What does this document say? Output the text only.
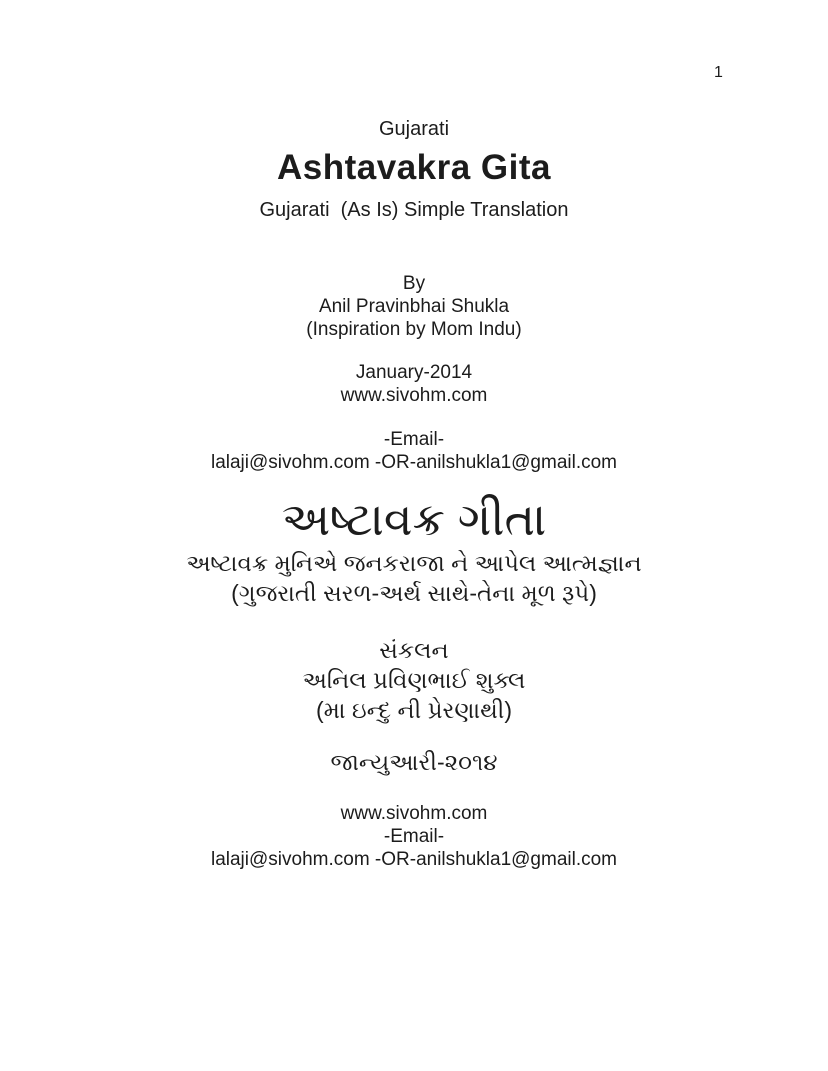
1
Gujarati
Ashtavakra Gita
Gujarati  (As Is) Simple Translation
By
Anil Pravinbhai Shukla
(Inspiration by Mom Indu)
January-2014
www.sivohm.com
-Email-
lalaji@sivohm.com -OR-anilshukla1@gmail.com
અષ્ટાવક્ર ગીતા
અષ્ટાવક્ર મુનિએ જનકરાજા ને આપેલ આત્મજ્ઞાન
(ગુજરાતી સરળ-અર્થ સાથે-તેના મૂળ રૂપે)
સંકલન
અનિલ પ્રવિણભાઈ શુક્લ
(મા ઇન્દુ ની પ્રેરણાથી)
જાન્યુઆરી-૨૦૧૪
www.sivohm.com
-Email-
lalaji@sivohm.com -OR-anilshukla1@gmail.com
